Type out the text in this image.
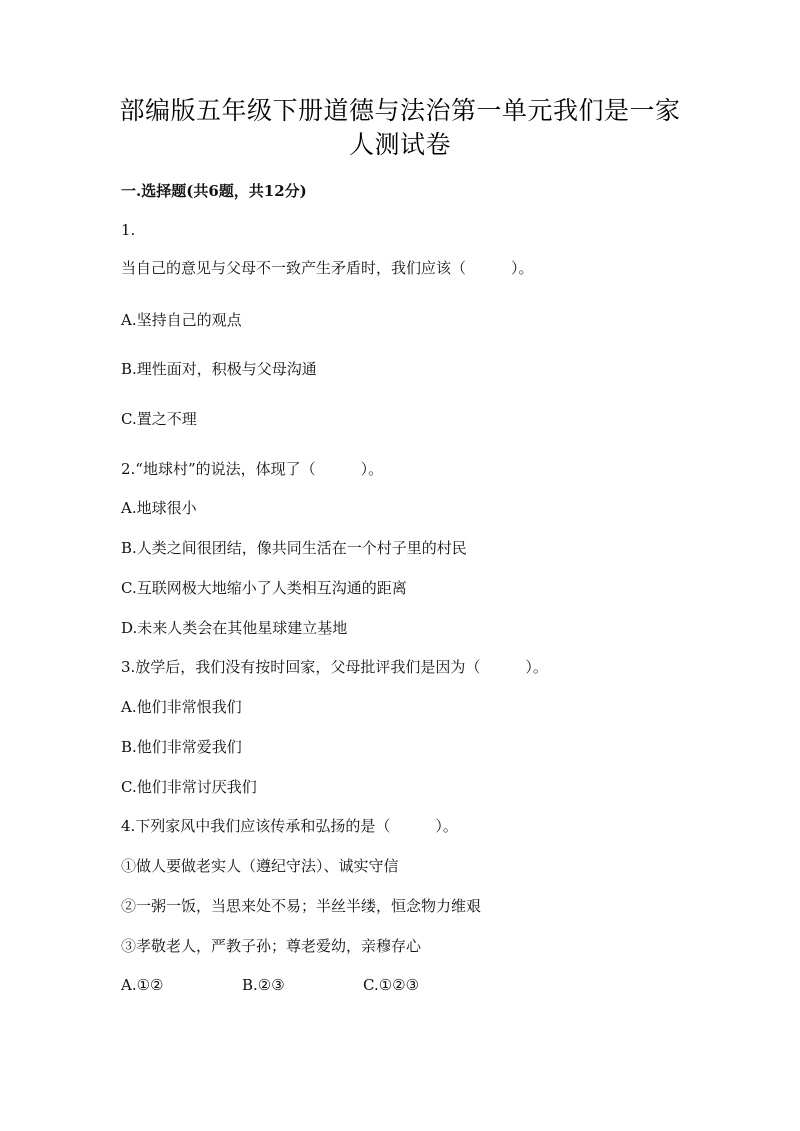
部编版五年级下册道德与法治第一单元我们是一家
人测试卷
一.选择题(共6题，共12分)
1.
当自己的意见与父母不一致产生矛盾时，我们应该（　　　）。
A.坚持自己的观点
B.理性面对，积极与父母沟通
C.置之不理
2.“地球村”的说法，体现了（　　　）。
A.地球很小
B.人类之间很团结，像共同生活在一个村子里的村民
C.互联网极大地缩小了人类相互沟通的距离
D.未来人类会在其他星球建立基地
3.放学后，我们没有按时回家，父母批评我们是因为（　　　）。
A.他们非常恨我们
B.他们非常爱我们
C.他们非常讨厌我们
4.下列家风中我们应该传承和弘扬的是（　　　）。
①做人要做老实人（遵纪守法）、诚实守信
②一粥一饭，当思来处不易；半丝半缕，恒念物力维艰
③孝敬老人，严教子孙；尊老爱幼，亲穆存心
A.①②	B.②③	C.①②③
